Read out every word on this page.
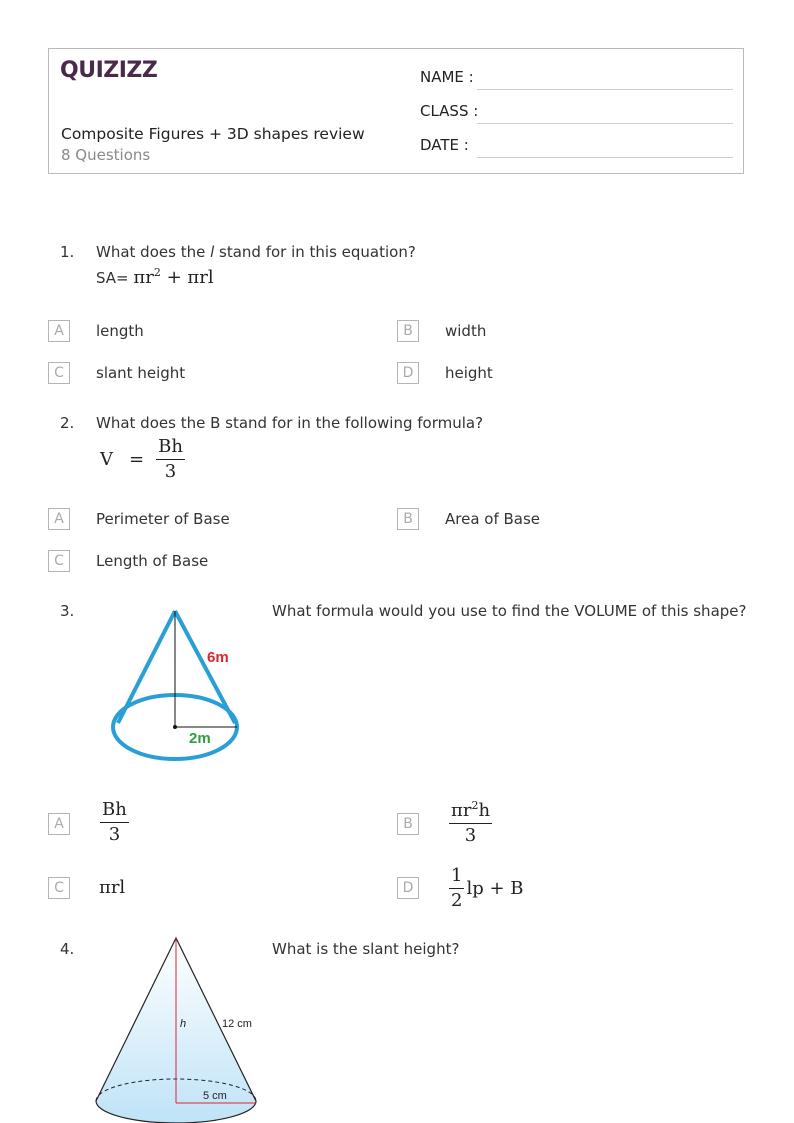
QUIZIZZ
Composite Figures + 3D shapes review
8 Questions
NAME :
CLASS :
DATE :
1. What does the l stand for in this equation?
$SA= \pi r^2 + \pi rl$
A	length	B	width
C	slant height	D	height
2. What does the B stand for in the following formula?
$V = \frac{Bh}{3}$
A	Perimeter of Base	B	Area of Base
C	Length of Base
3.	What formula would you use to find the VOLUME of this shape?
6m
2m
A	$\frac{Bh}{3}$	B	$\frac{\pi r^2h}{3}$
C	πrl	D	$\frac{1}{2}$ lp + B
4.	What is the slant height?
h	12 cm
5 cm
